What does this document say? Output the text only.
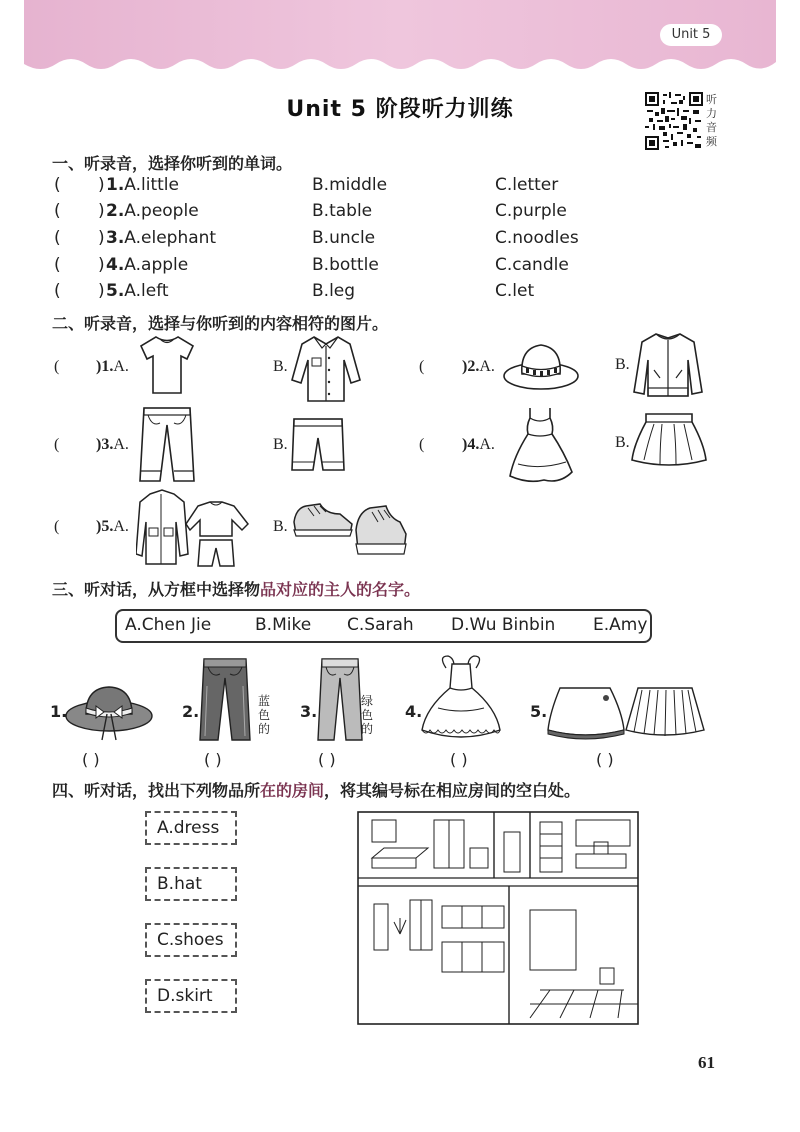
Unit 5
Unit 5 阶段听力训练	听力音频
一、听录音，选择你听到的单词。
( ) 1.A.little	B.middle	C.letter
( ) 2.A.people	B.table	C.purple
( ) 3.A.elephant	B.uncle	C.noodles
( ) 4.A.apple	B.bottle	C.candle
( ) 5.A.left	B.leg	C.let
二、听录音，选择与你听到的内容相符的图片。
( )1.A.	B.	( )2.A.	B.
( )3.A.	B.	( )4.A.	B.
( )5.A.	B.
三、听对话，从方框中选择物品对应的主人的名字。
A.Chen Jie	B.Mike C.Sarah D.Wu Binbin E.Amy
1.	2.
蓝色的
3.
绿色的
4.	5.
( )	( )	( )	( )	( )
四、听对话，找出下列物品所在的房间，将其编号标在相应房间的空白处。
A.dress
B.hat
C.shoes
D.skirt
61
